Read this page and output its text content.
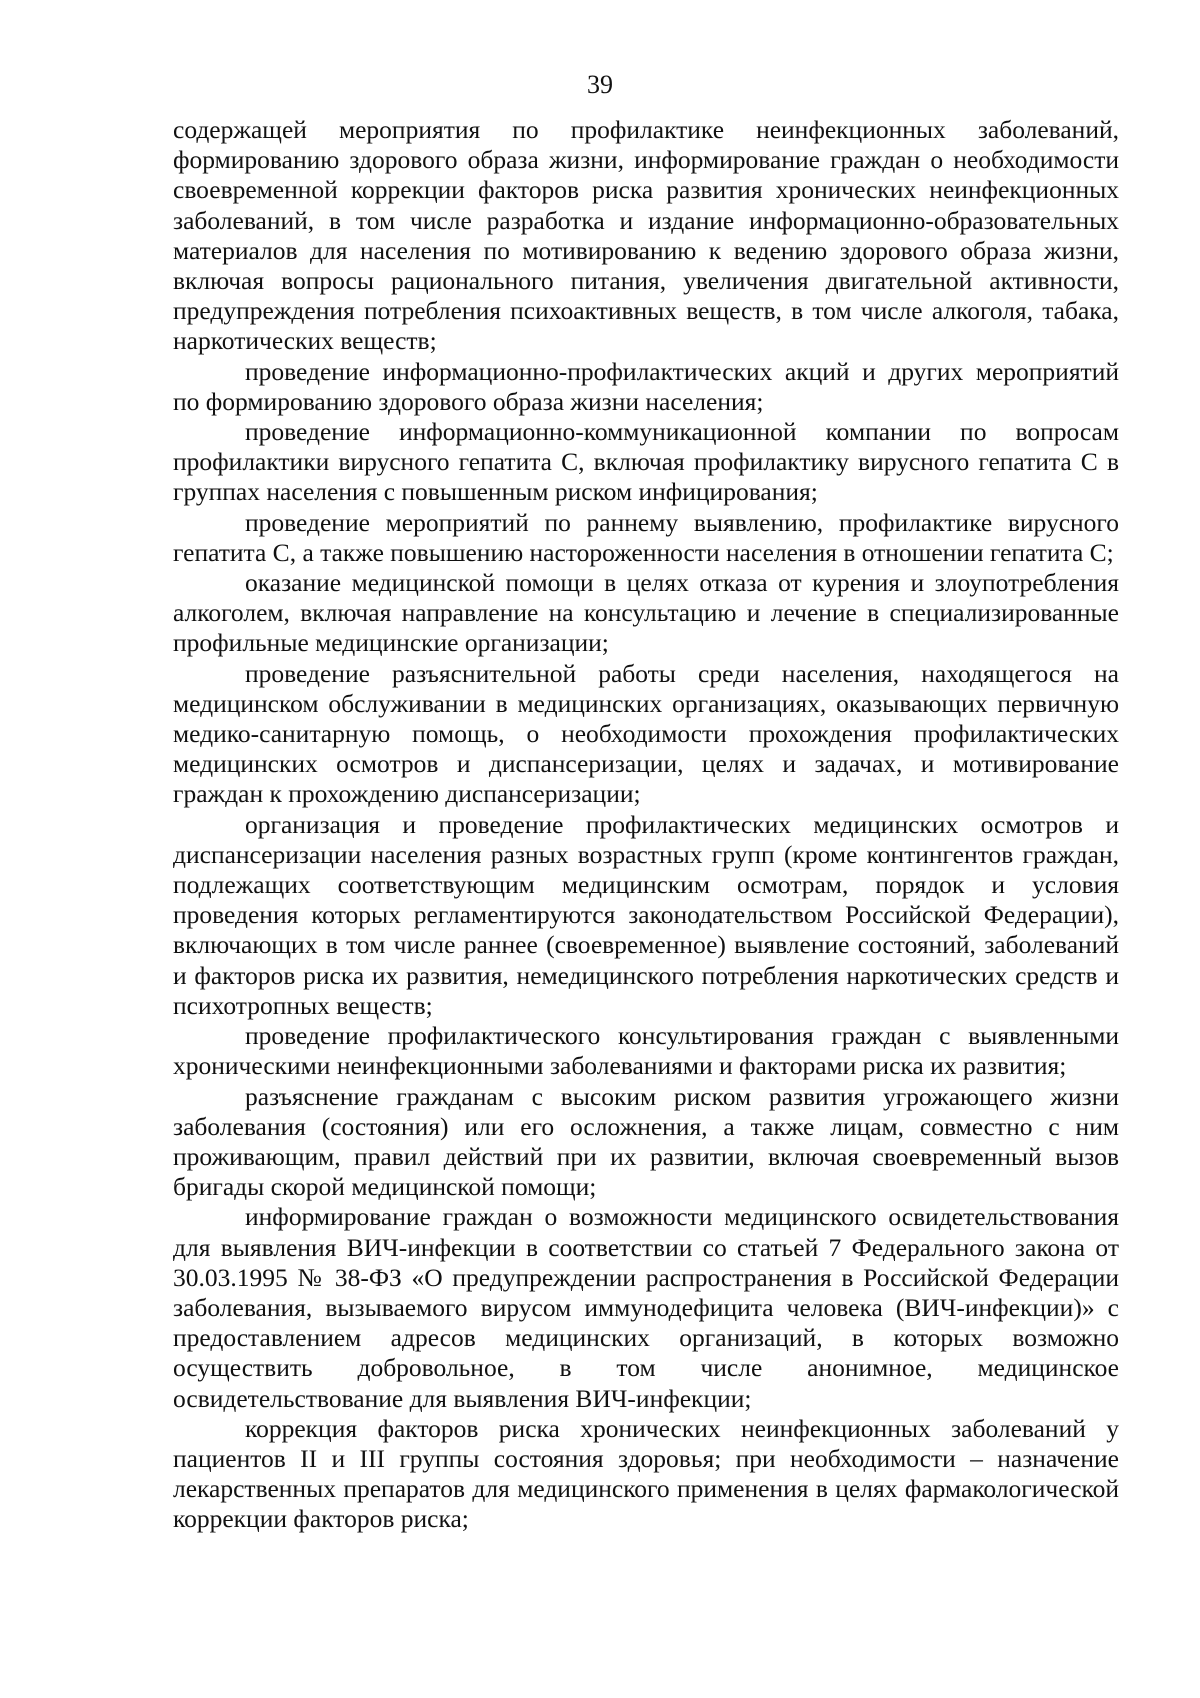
39

содержащей мероприятия по профилактике неинфекционных заболеваний, формированию здорового образа жизни, информирование граждан о необходимости своевременной коррекции факторов риска развития хронических неинфекционных заболеваний, в том числе разработка и издание информационно-образовательных материалов для населения по мотивированию к ведению здорового образа жизни, включая вопросы рационального питания, увеличения двигательной активности, предупреждения потребления психоактивных веществ, в том числе алкоголя, табака, наркотических веществ;

проведение информационно-профилактических акций и других мероприятий по формированию здорового образа жизни населения;

проведение информационно-коммуникационной компании по вопросам профилактики вирусного гепатита С, включая профилактику вирусного гепатита С в группах населения с повышенным риском инфицирования;

проведение мероприятий по раннему выявлению, профилактике вирусного гепатита С, а также повышению настороженности населения в отношении гепатита С;

оказание медицинской помощи в целях отказа от курения и злоупотребления алкоголем, включая направление на консультацию и лечение в специализированные профильные медицинские организации;

проведение разъяснительной работы среди населения, находящегося на медицинском обслуживании в медицинских организациях, оказывающих первичную медико-санитарную помощь, о необходимости прохождения профилактических медицинских осмотров и диспансеризации, целях и задачах, и мотивирование граждан к прохождению диспансеризации;

организация и проведение профилактических медицинских осмотров и диспансеризации населения разных возрастных групп (кроме контингентов граждан, подлежащих соответствующим медицинским осмотрам, порядок и условия проведения которых регламентируются законодательством Российской Федерации), включающих в том числе раннее (своевременное) выявление состояний, заболеваний и факторов риска их развития, немедицинского потребления наркотических средств и психотропных веществ;

проведение профилактического консультирования граждан с выявленными хроническими неинфекционными заболеваниями и факторами риска их развития;

разъяснение гражданам с высоким риском развития угрожающего жизни заболевания (состояния) или его осложнения, а также лицам, совместно с ним проживающим, правил действий при их развитии, включая своевременный вызов бригады скорой медицинской помощи;

информирование граждан о возможности медицинского освидетельствования для выявления ВИЧ-инфекции в соответствии со статьей 7 Федерального закона от 30.03.1995 № 38-ФЗ «О предупреждении распространения в Российской Федерации заболевания, вызываемого вирусом иммунодефицита человека (ВИЧ-инфекции)» с предоставлением адресов медицинских организаций, в которых возможно осуществить добровольное, в том числе анонимное, медицинское освидетельствование для выявления ВИЧ-инфекции;

коррекция факторов риска хронических неинфекционных заболеваний у пациентов II и III группы состояния здоровья; при необходимости – назначение лекарственных препаратов для медицинского применения в целях фармакологической коррекции факторов риска;
